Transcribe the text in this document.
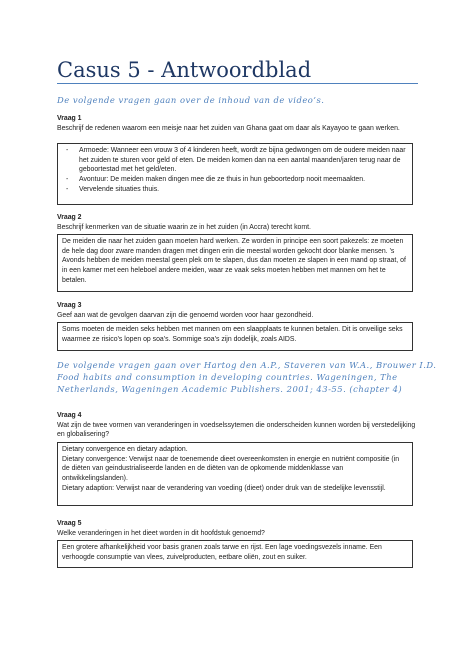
Casus 5 - Antwoordblad
De volgende vragen gaan over de inhoud van de video’s.
Vraag 1
Beschrijf de redenen waarom een meisje naar het zuiden van Ghana gaat om daar als Kayayoo te gaan werken.
- Armoede: Wanneer een vrouw 3 of 4 kinderen heeft, wordt ze bijna gedwongen om de oudere meiden naar het zuiden te sturen voor geld of eten. De meiden komen dan na een aantal maanden/jaren terug naar de geboortestad met het geld/eten.
- Avontuur: De meiden maken dingen mee die ze thuis in hun geboortedorp nooit meemaakten.
- Vervelende situaties thuis.
Vraag 2
Beschrijf kenmerken van de situatie waarin ze in het zuiden (in Accra) terecht komt.

De meiden die naar het zuiden gaan moeten hard werken. Ze worden in principe een soort pakezels: ze moeten de hele dag door zware manden dragen met dingen erin die meestal worden gekocht door blanke mensen. ’s Avonds hebben de meiden meestal geen plek om te slapen, dus dan moeten ze slapen in een mand op straat, of in een kamer met een heleboel andere meiden, waar ze vaak seks moeten hebben met mannen om het te betalen.

Vraag 3
Geef aan wat de gevolgen daarvan zijn die genoemd worden voor haar gezondheid.

Soms moeten de meiden seks hebben met mannen om een slaapplaats te kunnen betalen. Dit is onveilige seks waarmee ze risico’s lopen op soa’s. Sommige soa’s zijn dodelijk, zoals AIDS.

De volgende vragen gaan over Hartog den A.P., Staveren van W.A., Brouwer I.D. Food habits and consumption in developing countries. Wageningen, The Netherlands, Wageningen Academic Publishers. 2001; 43-55. (chapter 4)
Vraag 4
Wat zijn de twee vormen van veranderingen in voedselssytemen die onderscheiden kunnen worden bij verstedelijking en globalisering?

Dietary convergence en dietary adaption.

Dietary convergence: Verwijst naar de toenemende dieet overeenkomsten in energie en nutriënt compositie (in de diëten van geindustrialiseerde landen en de diëten van de opkomende middenklasse van ontwikkelingslanden).

Dietary adaption: Verwijst naar de verandering van voeding (dieet) onder druk van de stedelijke levensstijl.

Vraag 5
Welke veranderingen in het dieet worden in dit hoofdstuk genoemd?

Een grotere afhankelijkheid voor basis granen zoals tarwe en rijst. Een lage voedingsvezels inname. Een verhoogde consumptie van vlees, zuivelproducten, eetbare oliën, zout en suiker.
